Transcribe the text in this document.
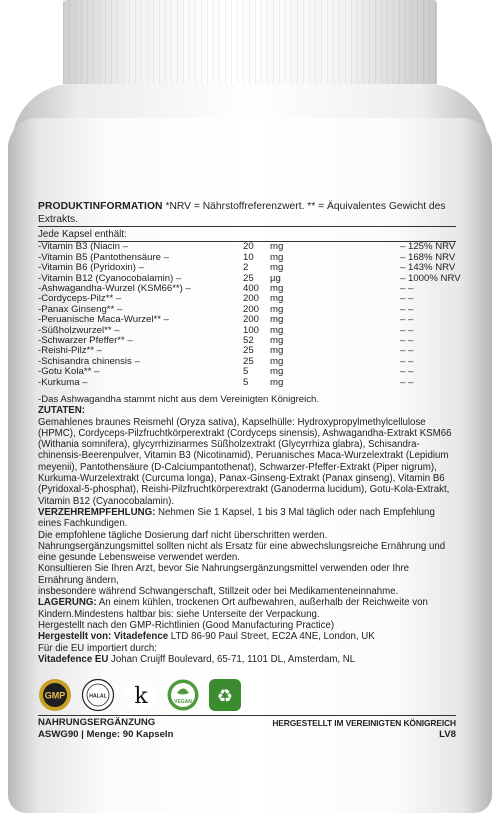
PRODUKTINFORMATION *NRV = Nährstoffreferenzwert. ** = Äquivalentes Gewicht des Extrakts.
Jede Kapsel enthält:
-Vitamin B3 (Niacin –	20	mg	– 125% NRV
-Vitamin B5 (Pantothensäure –	10	mg	– 168% NRV
-Vitamin B6 (Pyridoxin) –	2	mg	– 143% NRV
-Vitamin B12 (Cyanocobalamin) –	25	µg	– 1000% NRV
-Ashwagandha-Wurzel (KSM66**) –	400	mg	– –
-Cordyceps-Pilz** –	200	mg	– –
-Panax Ginseng** –	200	mg	– –
-Peruanische Maca-Wurzel** –	200	mg	– –
-Süßholzwurzel** –	100	mg	– –
-Schwarzer Pfeffer** –	52	mg	– –
-Reishi-Pilz** –	25	mg	– –
-Schisandra chinensis –	25	mg	– –
-Gotu Kola** –	5	mg	– –
-Kurkuma –	5	mg	– –
-Das Ashwagandha stammt nicht aus dem Vereinigten Königreich.

ZUTATEN:

Gemahlenes braunes Reismehl (Oryza sativa), Kapselhülle: Hydroxypropylmethylcellulose (HPMC), Cordyceps-Pilzfruchtkörperextrakt (Cordyceps sinensis), Ashwagandha-Extrakt KSM66 (Withania somnifera), glycyrrhizinarmes Süßholzextrakt (Glycyrrhiza glabra), Schisandra-chinensis-Beerenpulver, Vitamin B3 (Nicotinamid), Peruanisches Maca-Wurzelextrakt (Lepidium meyenii), Pantothensäure (D-Calciumpantothenat), Schwarzer-Pfeffer-Extrakt (Piper nigrum), Kurkuma-Wurzelextrakt (Curcuma longa), Panax-Ginseng-Extrakt (Panax ginseng), Vitamin B6 (Pyridoxal-5-phosphat), Reishi-Pilzfruchtkörperextrakt (Ganoderma lucidum), Gotu-Kola-Extrakt, Vitamin B12 (Cyanocobalamin).

VERZEHREMPFEHLUNG: Nehmen Sie 1 Kapsel, 1 bis 3 Mal täglich oder nach Empfehlung eines Fachkundigen.

Die empfohlene tägliche Dosierung darf nicht überschritten werden.

Nahrungsergänzungsmittel sollten nicht als Ersatz für eine abwechslungsreiche Ernährung und eine gesunde Lebensweise verwendet werden.

Konsultieren Sie Ihren Arzt, bevor Sie Nahrungsergänzungsmittel verwenden oder Ihre Ernährung ändern,

insbesondere während Schwangerschaft, Stillzeit oder bei Medikamenteneinnahme.

LAGERUNG: An einem kühlen, trockenen Ort aufbewahren, außerhalb der Reichweite von Kindern.Mindestens haltbar bis: siehe Unterseite der Verpackung.

Hergestellt nach den GMP-Richtlinien (Good Manufacturing Practice)

Hergestellt von: Vitadefence LTD 86-90 Paul Street, EC2A 4NE, London, UK

Für die EU importiert durch:

Vitadefence EU Johan Cruijff Boulevard, 65-71, 1101 DL, Amsterdam, NL

GMP	HALAL k	VEGAN ♻
NAHRUNGSERGÄNZUNG	HERGESTELLT IM VEREINIGTEN KÖNIGREICH
ASWG90 | Menge: 90 Kapseln	LV8
